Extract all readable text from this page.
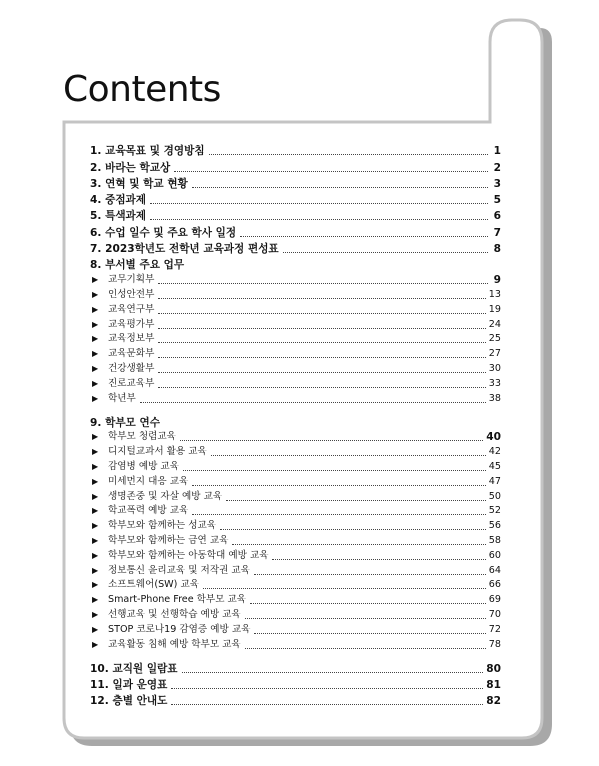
Contents
1. 교육목표 및 경영방침	1
2. 바라는 학교상	2
3. 연혁 및 학교 현황	3
4. 중점과제	5
5. 특색과제	6
6. 수업 일수 및 주요 학사 일정	7
7. 2023학년도 전학년 교육과정 편성표	8
8. 부서별 주요 업무
▶ 교무기획부	9
▶ 인성안전부	13
▶ 교육연구부	19
▶ 교육평가부	24
▶ 교육정보부	25
▶ 교육문화부	27
▶ 건강생활부	30
▶ 진로교육부	33
▶ 학년부	38
9. 학부모 연수
▶ 학부모 청렴교육	40
▶ 디지털교과서 활용 교육	42
▶ 감염병 예방 교육	45
▶ 미세먼지 대응 교육	47
▶ 생명존중 및 자살 예방 교육	50
▶ 학교폭력 예방 교육	52
▶ 학부모와 함께하는 성교육	56
▶ 학부모와 함께하는 금연 교육	58
▶ 학부모와 함께하는 아동학대 예방 교육	60
▶ 정보통신 윤리교육 및 저작권 교육	64
▶ 소프트웨어(SW) 교육	66
▶ Smart-Phone Free 학부모 교육	69
▶ 선행교육 및 선행학습 예방 교육	70
▶ STOP 코로나19 감염증 예방 교육	72
▶ 교육활동 침해 예방 학부모 교육	78
10. 교직원 일람표	80
11. 일과 운영표	81
12. 층별 안내도	82
